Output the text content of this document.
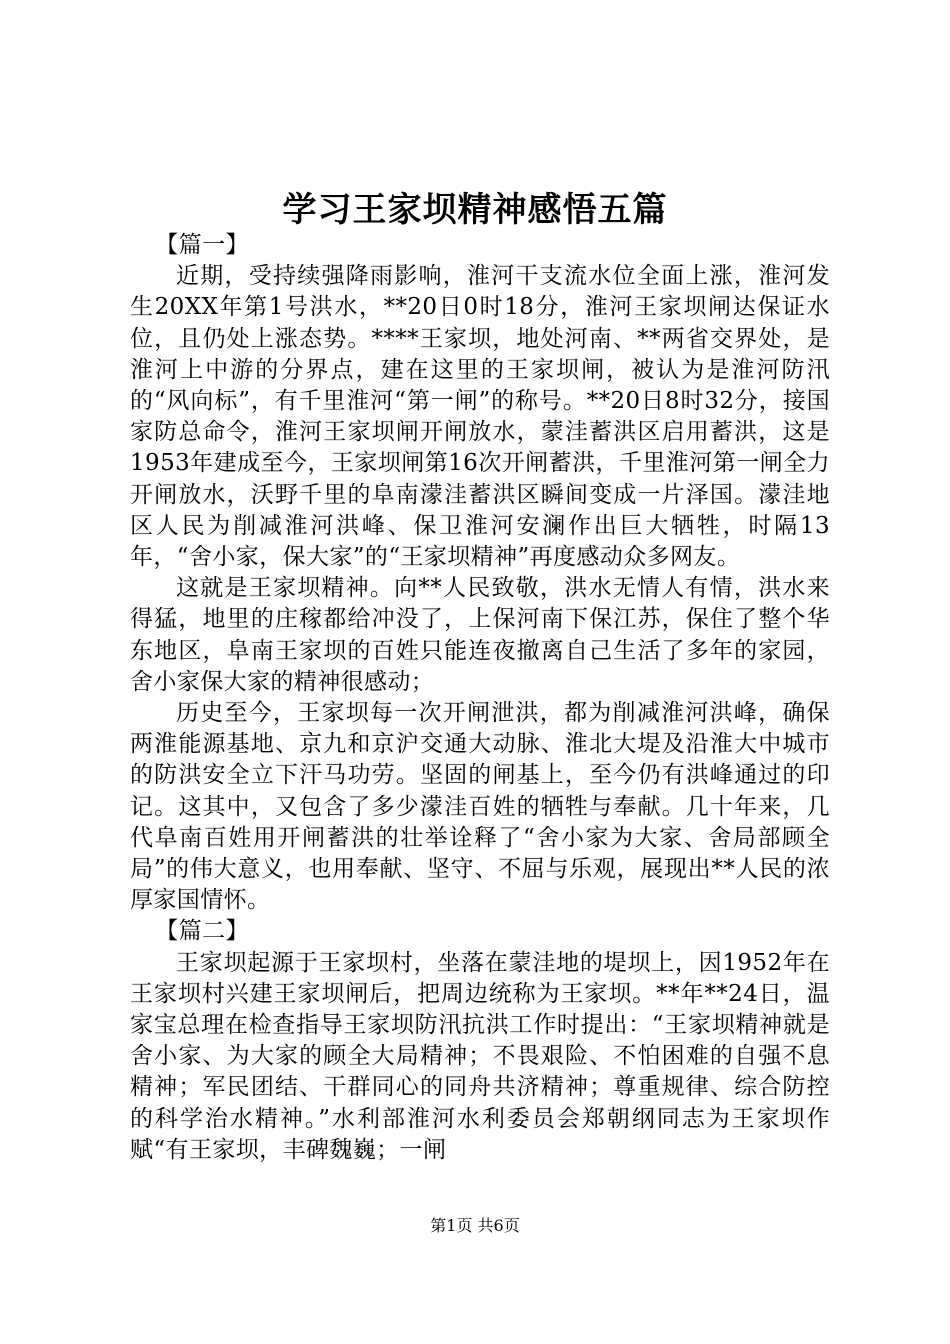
学习王家坝精神感悟五篇

【篇一】

近期，受持续强降雨影响，淮河干支流水位全面上涨，淮河发生20XX年第1号洪水，**20日0时18分，淮河王家坝闸达保证水位，且仍处上涨态势。****王家坝，地处河南、**两省交界处，是淮河上中游的分界点，建在这里的王家坝闸，被认为是淮河防汛的“风向标”，有千里淮河“第一闸”的称号。**20日8时32分，接国家防总命令，淮河王家坝闸开闸放水，蒙洼蓄洪区启用蓄洪，这是1953年建成至今，王家坝闸第16次开闸蓄洪，千里淮河第一闸全力开闸放水，沃野千里的阜南濛洼蓄洪区瞬间变成一片泽国。濛洼地区人民为削减淮河洪峰、保卫淮河安澜作出巨大牺牲，时隔13年，“舍小家，保大家”的“王家坝精神”再度感动众多网友。

这就是王家坝精神。向**人民致敬，洪水无情人有情，洪水来得猛，地里的庄稼都给冲没了，上保河南下保江苏，保住了整个华东地区，阜南王家坝的百姓只能连夜撤离自己生活了多年的家园，舍小家保大家的精神很感动；

历史至今，王家坝每一次开闸泄洪，都为削减淮河洪峰，确保两淮能源基地、京九和京沪交通大动脉、淮北大堤及沿淮大中城市的防洪安全立下汗马功劳。坚固的闸基上，至今仍有洪峰通过的印记。这其中，又包含了多少濛洼百姓的牺牲与奉献。几十年来，几代阜南百姓用开闸蓄洪的壮举诠释了“舍小家为大家、舍局部顾全局”的伟大意义，也用奉献、坚守、不屈与乐观，展现出**人民的浓厚家国情怀。

【篇二】

王家坝起源于王家坝村，坐落在蒙洼地的堤坝上，因1952年在王家坝村兴建王家坝闸后，把周边统称为王家坝。**年**24日，温家宝总理在检查指导王家坝防汛抗洪工作时提出：“王家坝精神就是舍小家、为大家的顾全大局精神；不畏艰险、不怕困难的自强不息精神；军民团结、干群同心的同舟共济精神；尊重规律、综合防控的科学治水精神。”水利部淮河水利委员会郑朝纲同志为王家坝作赋“有王家坝，丰碑魏巍；一闸

第1页 共6页
